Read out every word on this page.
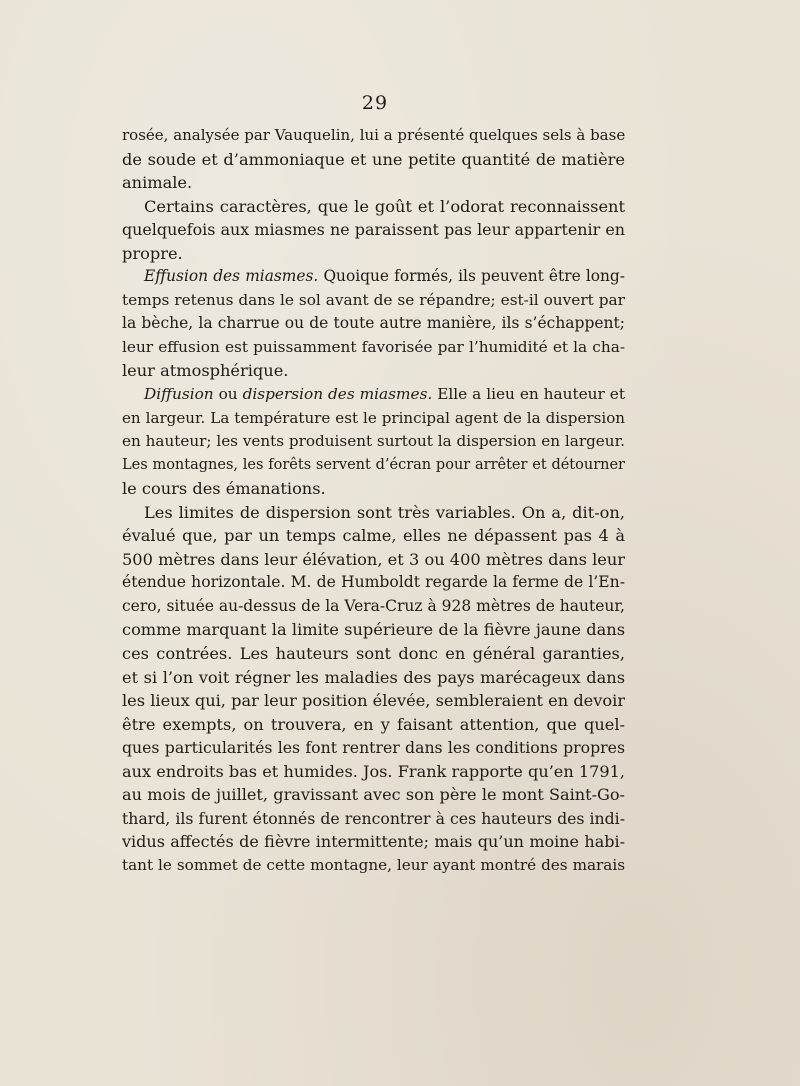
29
rosée, analysée par Vauquelin, lui a présenté quelques sels à base
de soude et d’ammoniaque et une petite quantité de matière
animale.
Certains caractères, que le goût et l’odorat reconnaissent
quelquefois aux miasmes ne paraissent pas leur appartenir en
propre.
Effusion des miasmes. Quoique formés, ils peuvent être long-
temps retenus dans le sol avant de se répandre; est-il ouvert par
la bèche, la charrue ou de toute autre manière, ils s’échappent;
leur effusion est puissamment favorisée par l’humidité et la cha-
leur atmosphérique.
Diffusion ou dispersion des miasmes. Elle a lieu en hauteur et
en largeur. La température est le principal agent de la dispersion
en hauteur; les vents produisent surtout la dispersion en largeur.
Les montagnes, les forêts servent d’écran pour arrêter et détourner
le cours des émanations.
Les limites de dispersion sont très variables. On a, dit-on,
évalué que, par un temps calme, elles ne dépassent pas 4 à
500 mètres dans leur élévation, et 3 ou 400 mètres dans leur
étendue horizontale. M. de Humboldt regarde la ferme de l’En-
cero, située au-dessus de la Vera-Cruz à 928 mètres de hauteur,
comme marquant la limite supérieure de la fièvre jaune dans
ces contrées. Les hauteurs sont donc en général garanties,
et si l’on voit régner les maladies des pays marécageux dans
les lieux qui, par leur position élevée, sembleraient en devoir
être exempts, on trouvera, en y faisant attention, que quel-
ques particularités les font rentrer dans les conditions propres
aux endroits bas et humides. Jos. Frank rapporte qu’en 1791,
au mois de juillet, gravissant avec son père le mont Saint-Go-
thard, ils furent étonnés de rencontrer à ces hauteurs des indi-
vidus affectés de fièvre intermittente; mais qu’un moine habi-
tant le sommet de cette montagne, leur ayant montré des marais
